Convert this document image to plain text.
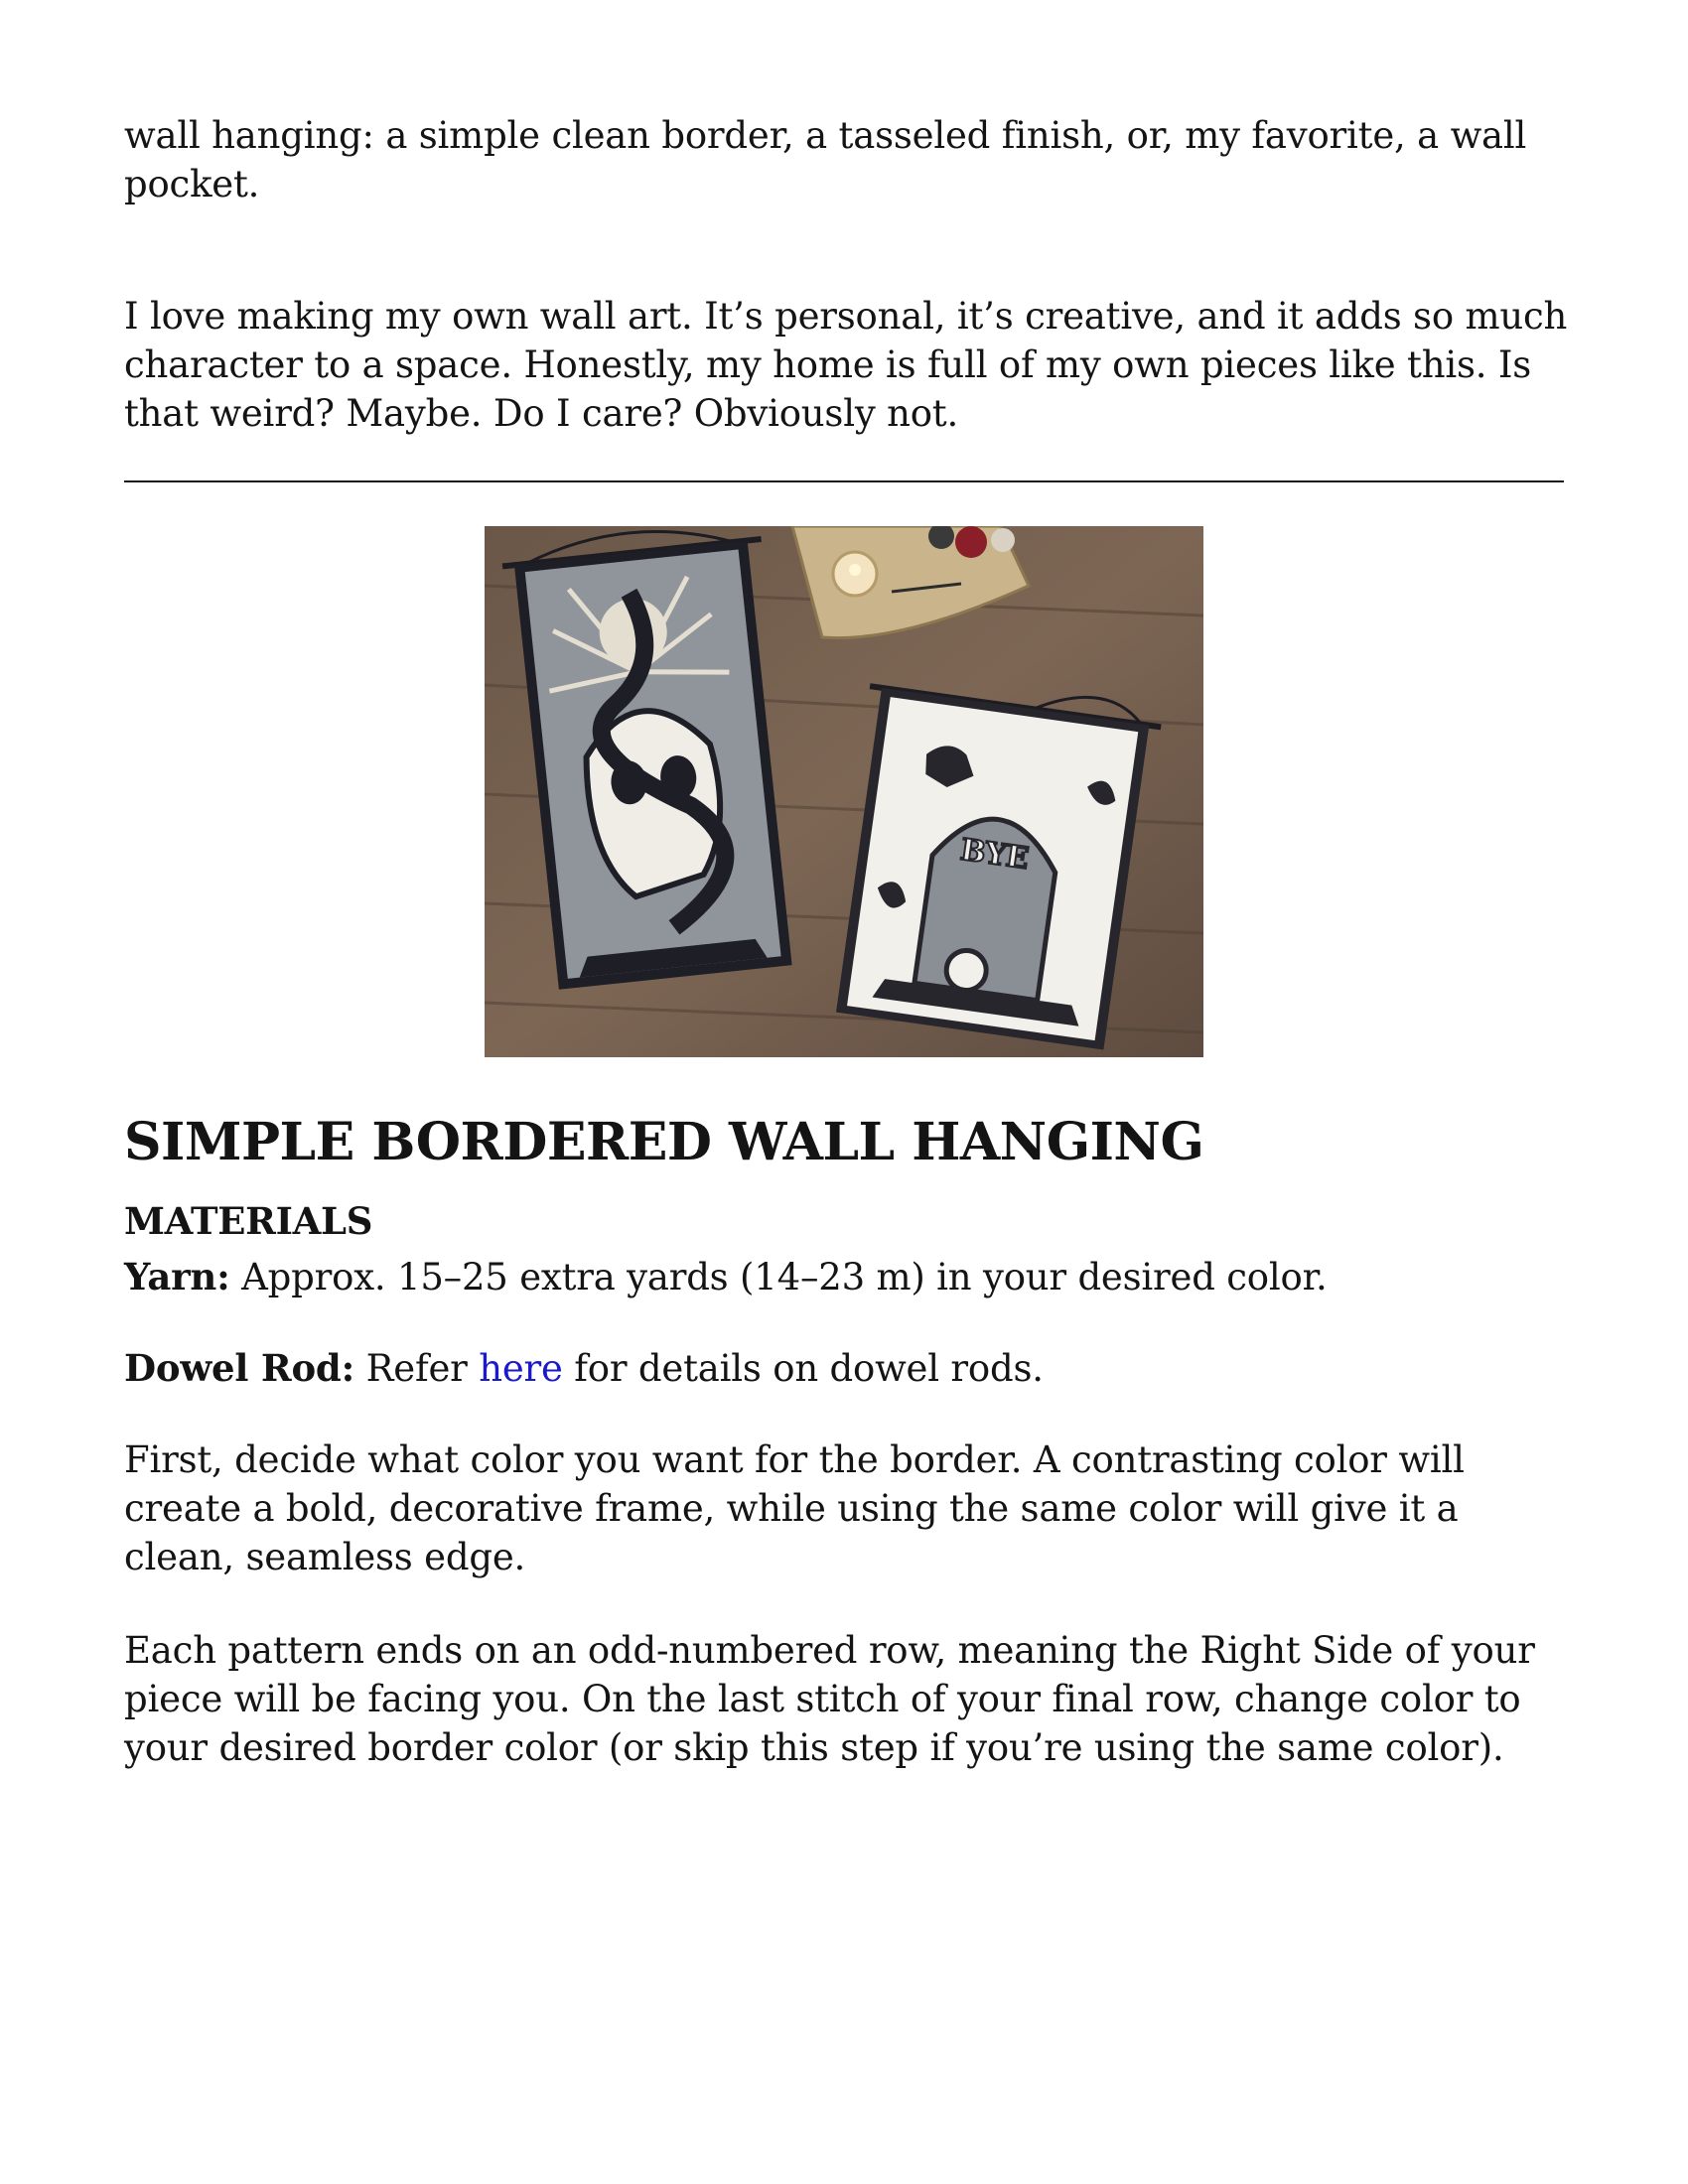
wall hanging: a simple clean border, a tasseled finish, or, my favorite, a wall pocket.

I love making my own wall art. It’s personal, it’s creative, and it adds so much character to a space. Honestly, my home is full of my own pieces like this. Is that weird? Maybe. Do I care? Obviously not.

BYE
SIMPLE BORDERED WALL HANGING
MATERIALS

Yarn: Approx. 15–25 extra yards (14–23 m) in your desired color.

Dowel Rod: Refer here for details on dowel rods.

First, decide what color you want for the border. A contrasting color will create a bold, decorative frame, while using the same color will give it a clean, seamless edge.

Each pattern ends on an odd-numbered row, meaning the Right Side of your piece will be facing you. On the last stitch of your final row, change color to your desired border color (or skip this step if you’re using the same color).
